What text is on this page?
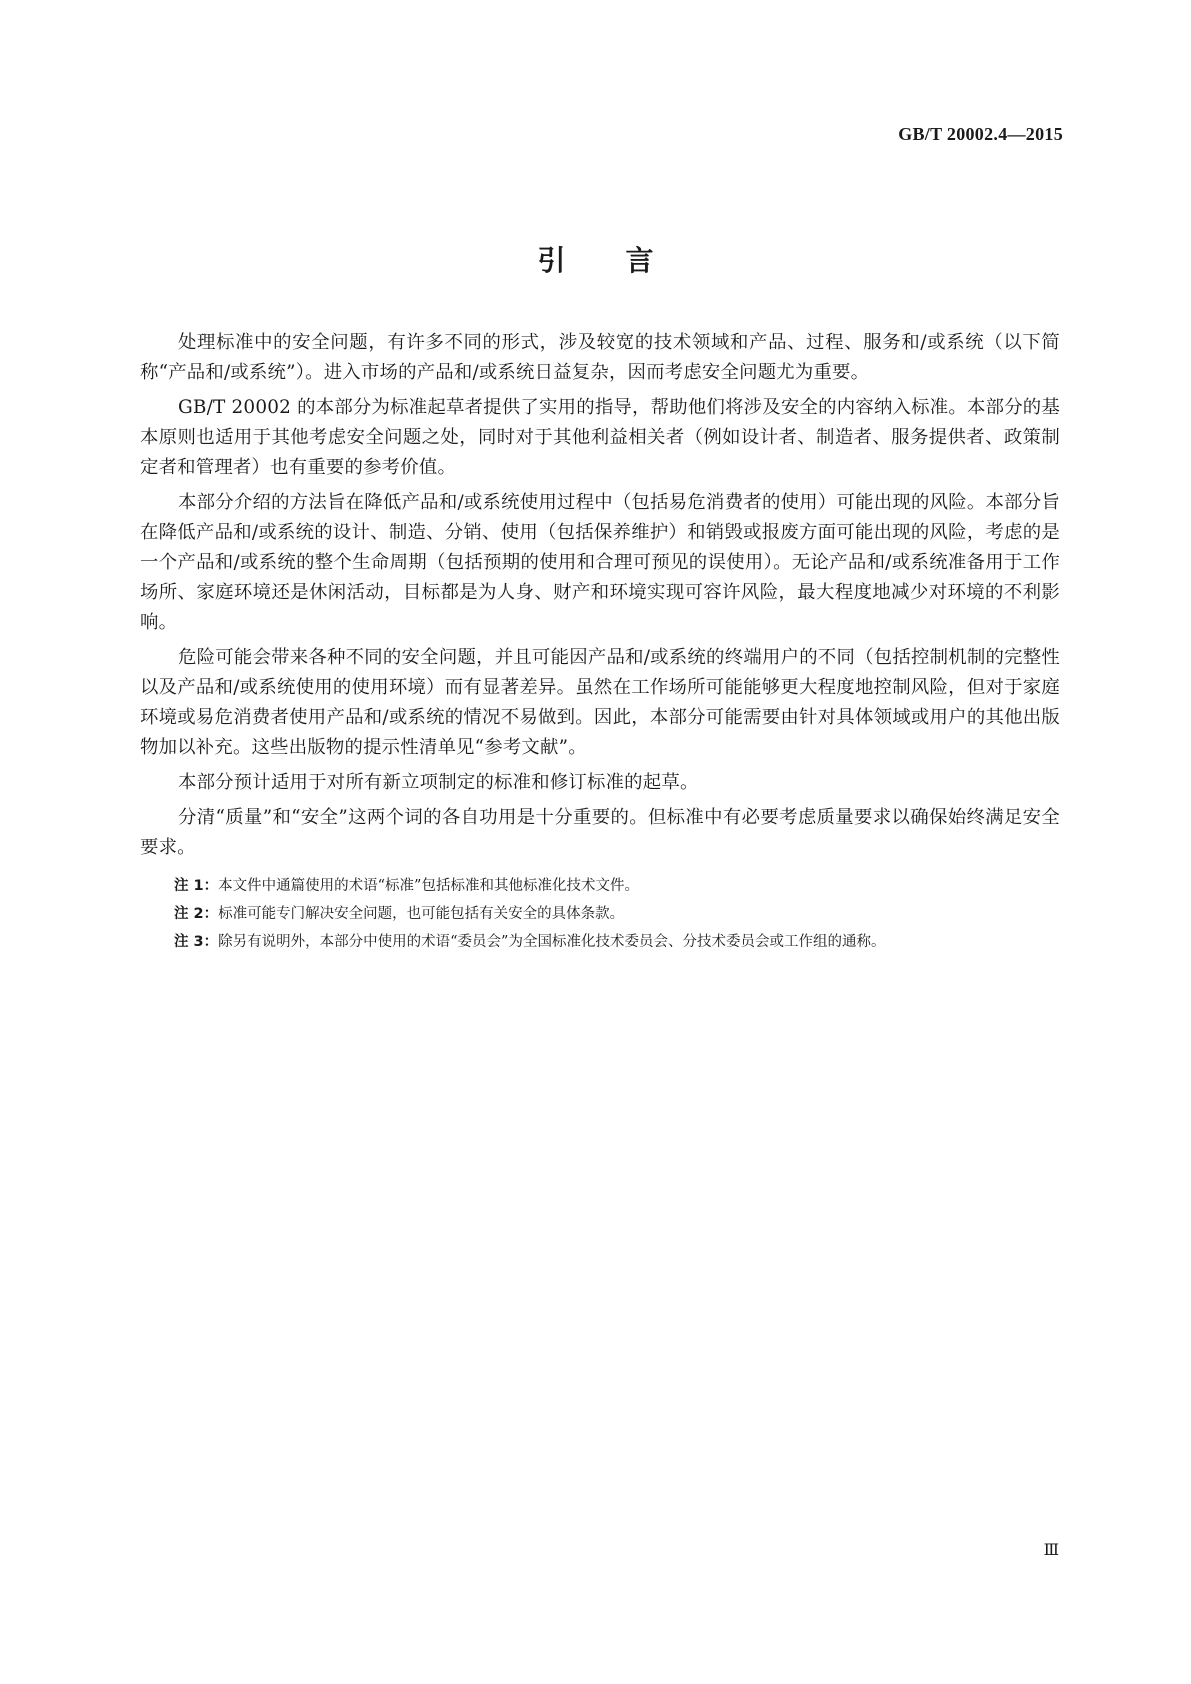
GB/T 20002.4—2015
引言

处理标准中的安全问题，有许多不同的形式，涉及较宽的技术领域和产品、过程、服务和/或系统（以下简称“产品和/或系统”）。进入市场的产品和/或系统日益复杂，因而考虑安全问题尤为重要。

GB/T 20002 的本部分为标准起草者提供了实用的指导，帮助他们将涉及安全的内容纳入标准。本部分的基本原则也适用于其他考虑安全问题之处，同时对于其他利益相关者（例如设计者、制造者、服务提供者、政策制定者和管理者）也有重要的参考价值。

本部分介绍的方法旨在降低产品和/或系统使用过程中（包括易危消费者的使用）可能出现的风险。本部分旨在降低产品和/或系统的设计、制造、分销、使用（包括保养维护）和销毁或报废方面可能出现的风险，考虑的是一个产品和/或系统的整个生命周期（包括预期的使用和合理可预见的误使用）。无论产品和/或系统准备用于工作场所、家庭环境还是休闲活动，目标都是为人身、财产和环境实现可容许风险，最大程度地减少对环境的不利影响。

危险可能会带来各种不同的安全问题，并且可能因产品和/或系统的终端用户的不同（包括控制机制的完整性以及产品和/或系统使用的使用环境）而有显著差异。虽然在工作场所可能能够更大程度地控制风险，但对于家庭环境或易危消费者使用产品和/或系统的情况不易做到。因此，本部分可能需要由针对具体领域或用户的其他出版物加以补充。这些出版物的提示性清单见“参考文献”。

本部分预计适用于对所有新立项制定的标准和修订标准的起草。

分清“质量”和“安全”这两个词的各自功用是十分重要的。但标准中有必要考虑质量要求以确保始终满足安全要求。

注 1：本文件中通篇使用的术语“标准”包括标准和其他标准化技术文件。

注 2：标准可能专门解决安全问题，也可能包括有关安全的具体条款。

注 3：除另有说明外，本部分中使用的术语“委员会”为全国标准化技术委员会、分技术委员会或工作组的通称。

Ⅲ
